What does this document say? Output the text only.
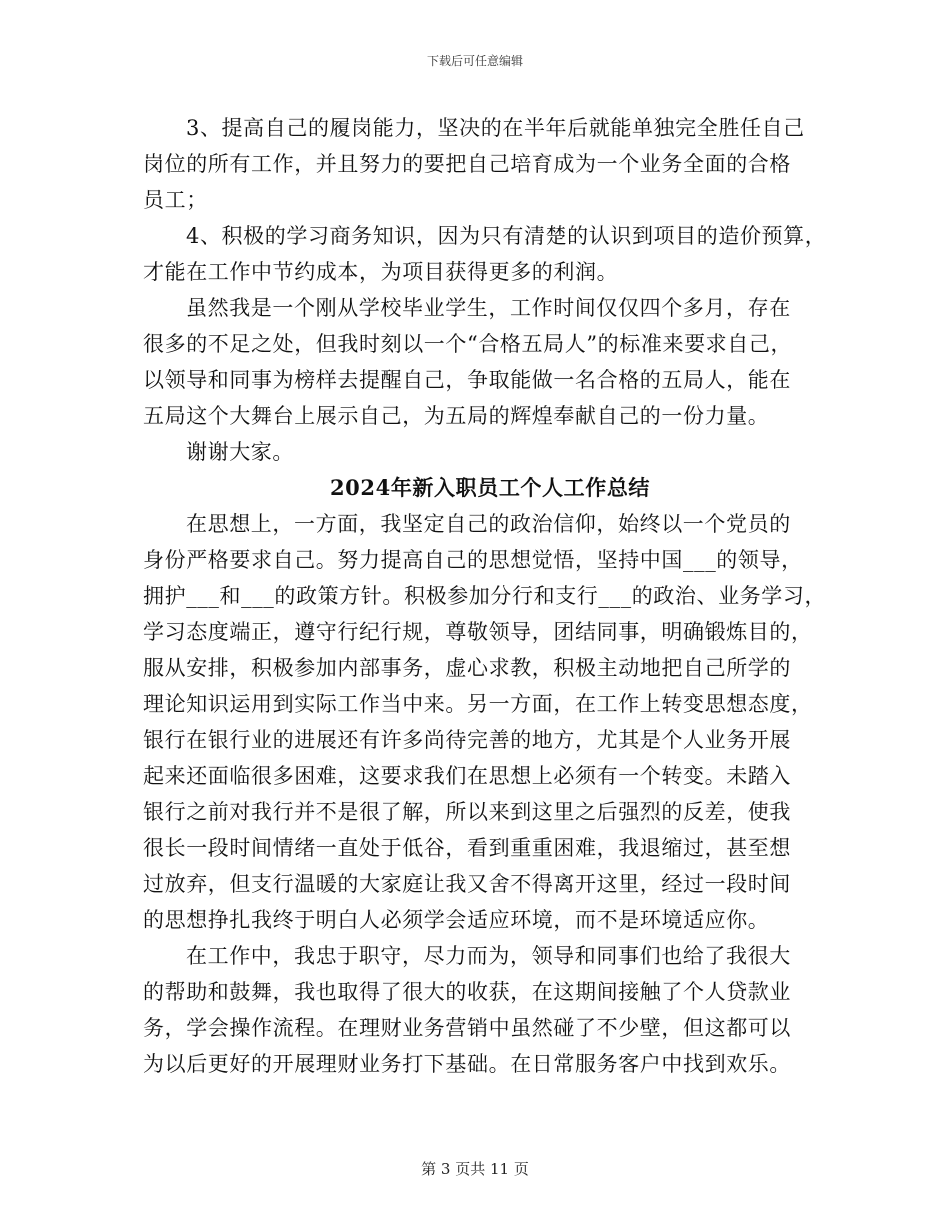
下载后可任意编辑
3、提高自己的履岗能力，坚决的在半年后就能单独完全胜任自己
岗位的所有工作，并且努力的要把自己培育成为一个业务全面的合格
员工；
4、积极的学习商务知识，因为只有清楚的认识到项目的造价预算，
才能在工作中节约成本，为项目获得更多的利润。
虽然我是一个刚从学校毕业学生，工作时间仅仅四个多月，存在
很多的不足之处，但我时刻以一个“合格五局人”的标准来要求自己，
以领导和同事为榜样去提醒自己，争取能做一名合格的五局人，能在
五局这个大舞台上展示自己，为五局的辉煌奉献自己的一份力量。
谢谢大家。
2024年新入职员工个人工作总结
在思想上，一方面，我坚定自己的政治信仰，始终以一个党员的
身份严格要求自己。努力提高自己的思想觉悟，坚持中国___的领导，
拥护___和___的政策方针。积极参加分行和支行___的政治、业务学习，
学习态度端正，遵守行纪行规，尊敬领导，团结同事，明确锻炼目的，
服从安排，积极参加内部事务，虚心求教，积极主动地把自己所学的
理论知识运用到实际工作当中来。另一方面，在工作上转变思想态度，
银行在银行业的进展还有许多尚待完善的地方，尤其是个人业务开展
起来还面临很多困难，这要求我们在思想上必须有一个转变。未踏入
银行之前对我行并不是很了解，所以来到这里之后强烈的反差，使我
很长一段时间情绪一直处于低谷，看到重重困难，我退缩过，甚至想
过放弃，但支行温暖的大家庭让我又舍不得离开这里，经过一段时间
的思想挣扎我终于明白人必须学会适应环境，而不是环境适应你。
在工作中，我忠于职守，尽力而为，领导和同事们也给了我很大
的帮助和鼓舞，我也取得了很大的收获，在这期间接触了个人贷款业
务，学会操作流程。在理财业务营销中虽然碰了不少壁，但这都可以
为以后更好的开展理财业务打下基础。在日常服务客户中找到欢乐。
第 3 页共 11 页
